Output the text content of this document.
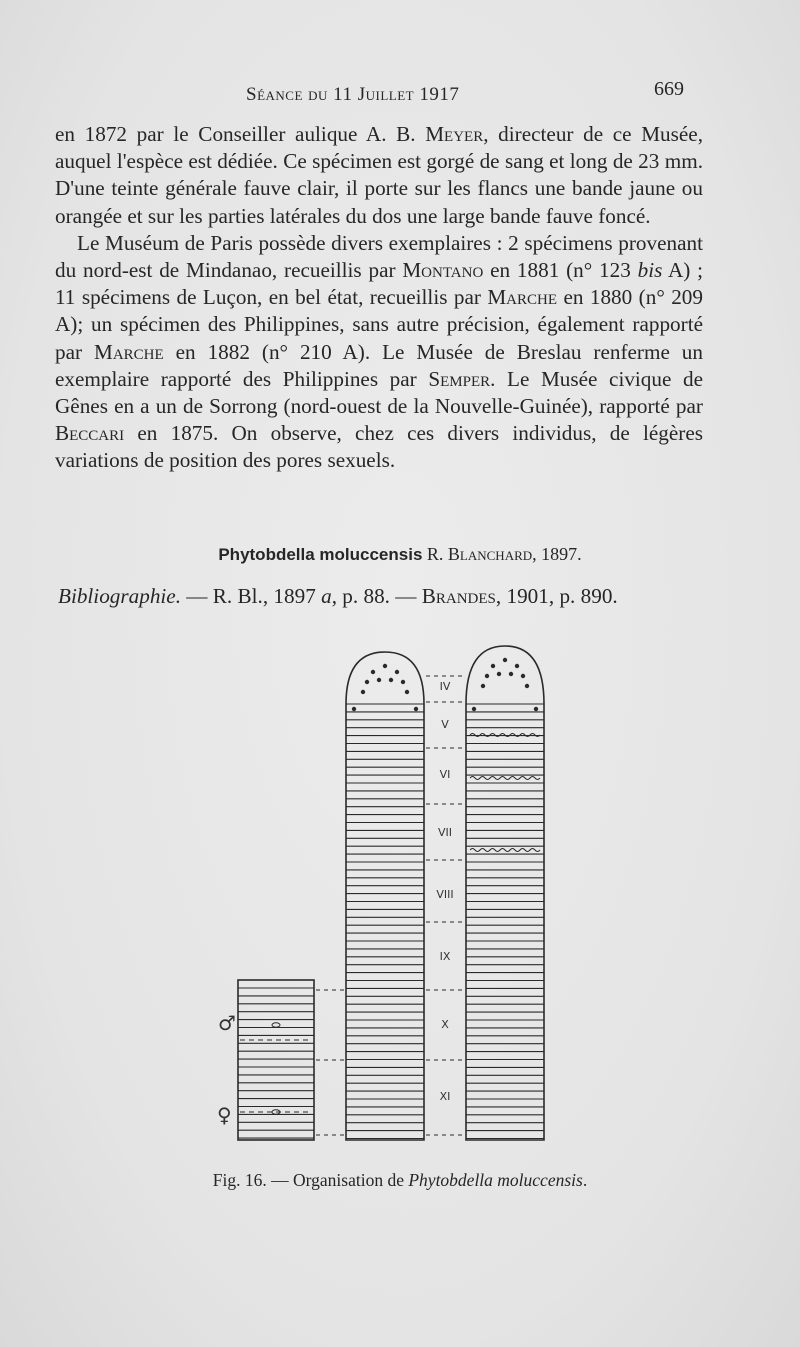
Séance du 11 Juillet 1917	669

en 1872 par le Conseiller aulique A. B. Meyer, directeur de ce Musée, auquel l'espèce est dédiée. Ce spécimen est gorgé de sang et long de 23 mm. D'une teinte générale fauve clair, il porte sur les flancs une bande jaune ou orangée et sur les parties latérales du dos une large bande fauve foncé.

Le Muséum de Paris possède divers exemplaires : 2 spécimens provenant du nord-est de Mindanao, recueillis par Montano en 1881 (n° 123 bis A) ; 11 spécimens de Luçon, en bel état, recueillis par Marche en 1880 (n° 209 A); un spécimen des Philippines, sans autre précision, également rapporté par Marche en 1882 (n° 210 A). Le Musée de Breslau renferme un exemplaire rapporté des Philippines par Semper. Le Musée civique de Gênes en a un de Sorrong (nord-ouest de la Nouvelle-Guinée), rapporté par Beccari en 1875. On observe, chez ces divers individus, de légères variations de position des pores sexuels.

Phytobdella moluccensis R. Blanchard, 1897.
Bibliographie. — R. Bl., 1897 a, p. 88. — Brandes, 1901, p. 890.
IV
V
VI
VII
VIII
IX
X
XI
♂
♀
Fig. 16. — Organisation de Phytobdella moluccensis.
